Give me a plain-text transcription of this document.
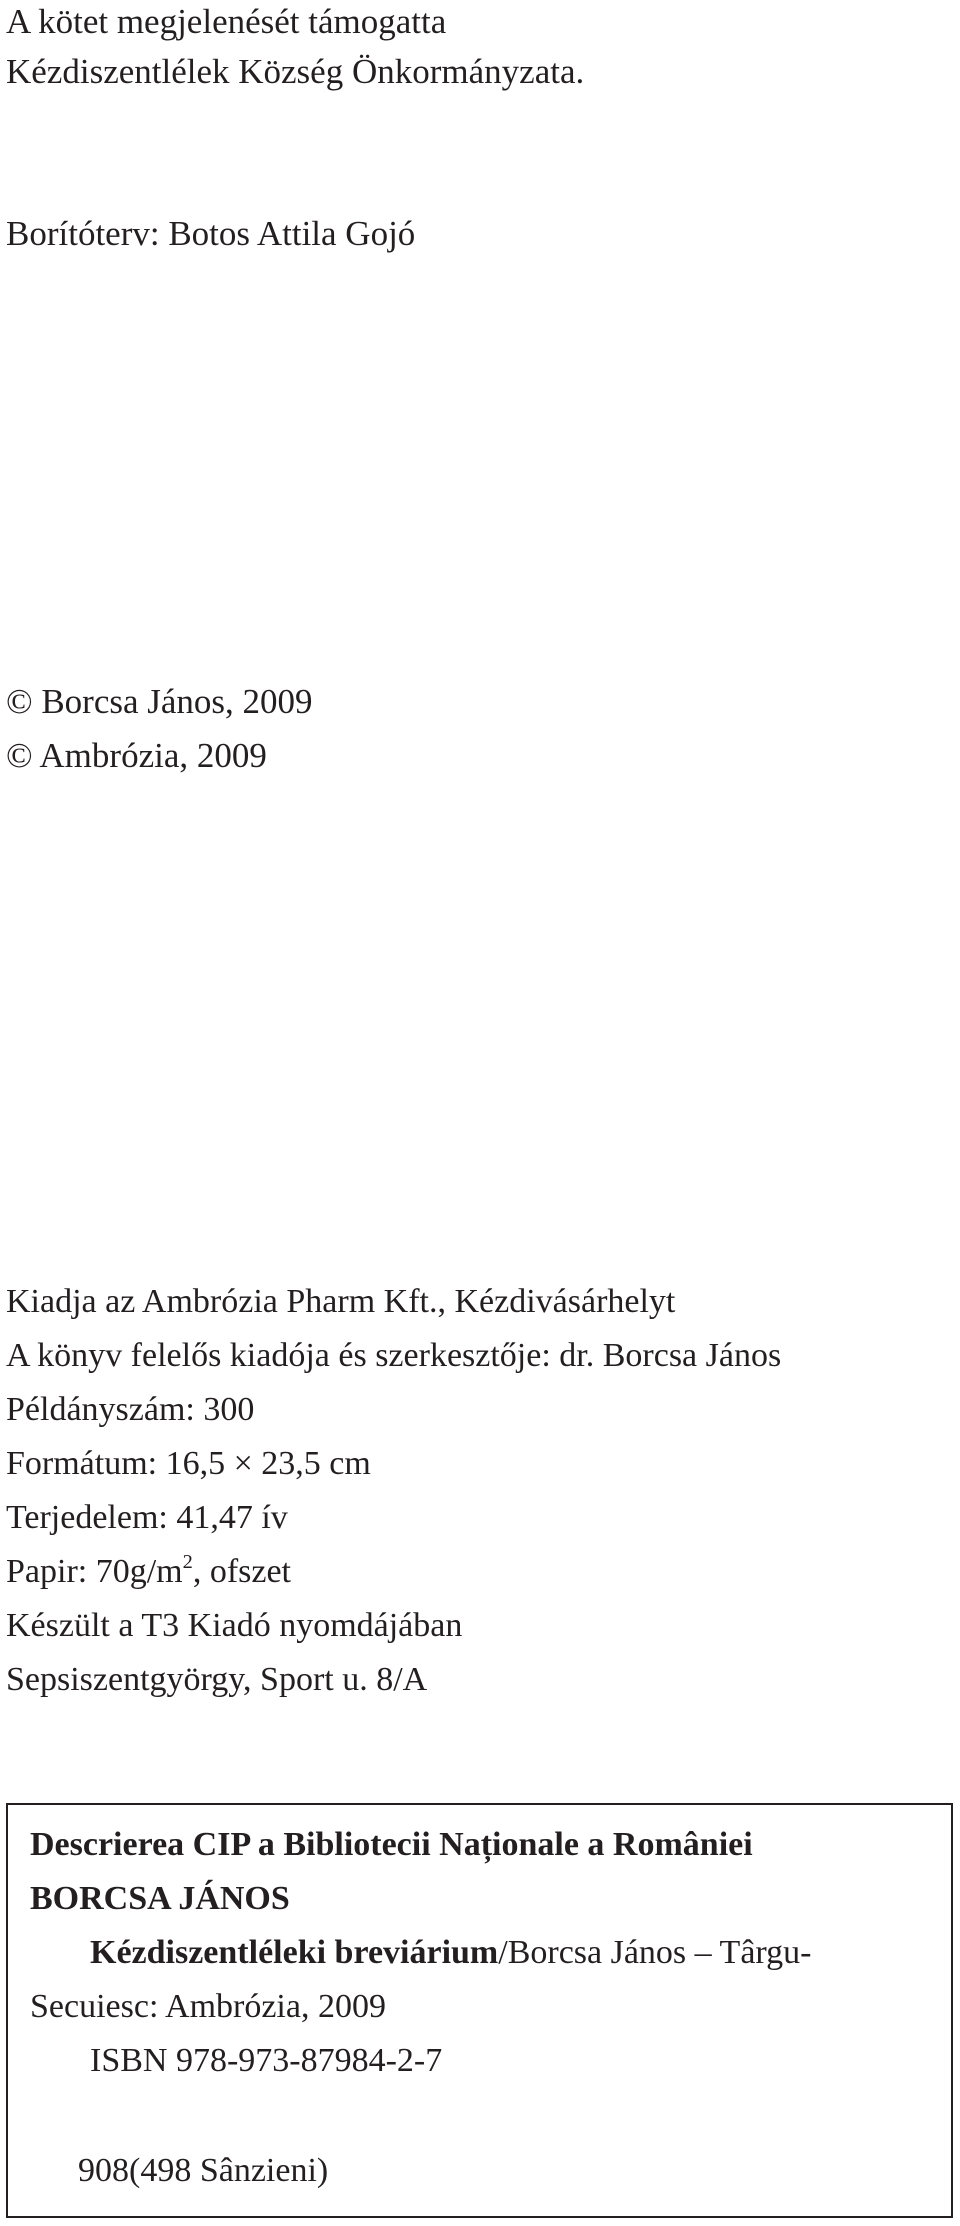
A kötet megjelenését támogatta
Kézdiszentlélek Község Önkormányzata.
Borítóterv: Botos Attila Gojó
© Borcsa János, 2009
© Ambrózia, 2009
Kiadja az Ambrózia Pharm Kft., Kézdivásárhelyt
A könyv felelős kiadója és szerkesztője: dr. Borcsa János
Példányszám: 300
Formátum: 16,5 × 23,5 cm
Terjedelem: 41,47 ív
Papir: $70g/m^2$, ofszet
Készült a T3 Kiadó nyomdájában
Sepsiszentgyörgy, Sport u. 8/A
Descrierea CIP a Bibliotecii Naționale a României
BORCSA JÁNOS
Kézdiszentléleki breviárium/Borcsa János – Târgu-
Secuiesc: Ambrózia, 2009
ISBN 978-973-87984-2-7
908(498 Sânzieni)
